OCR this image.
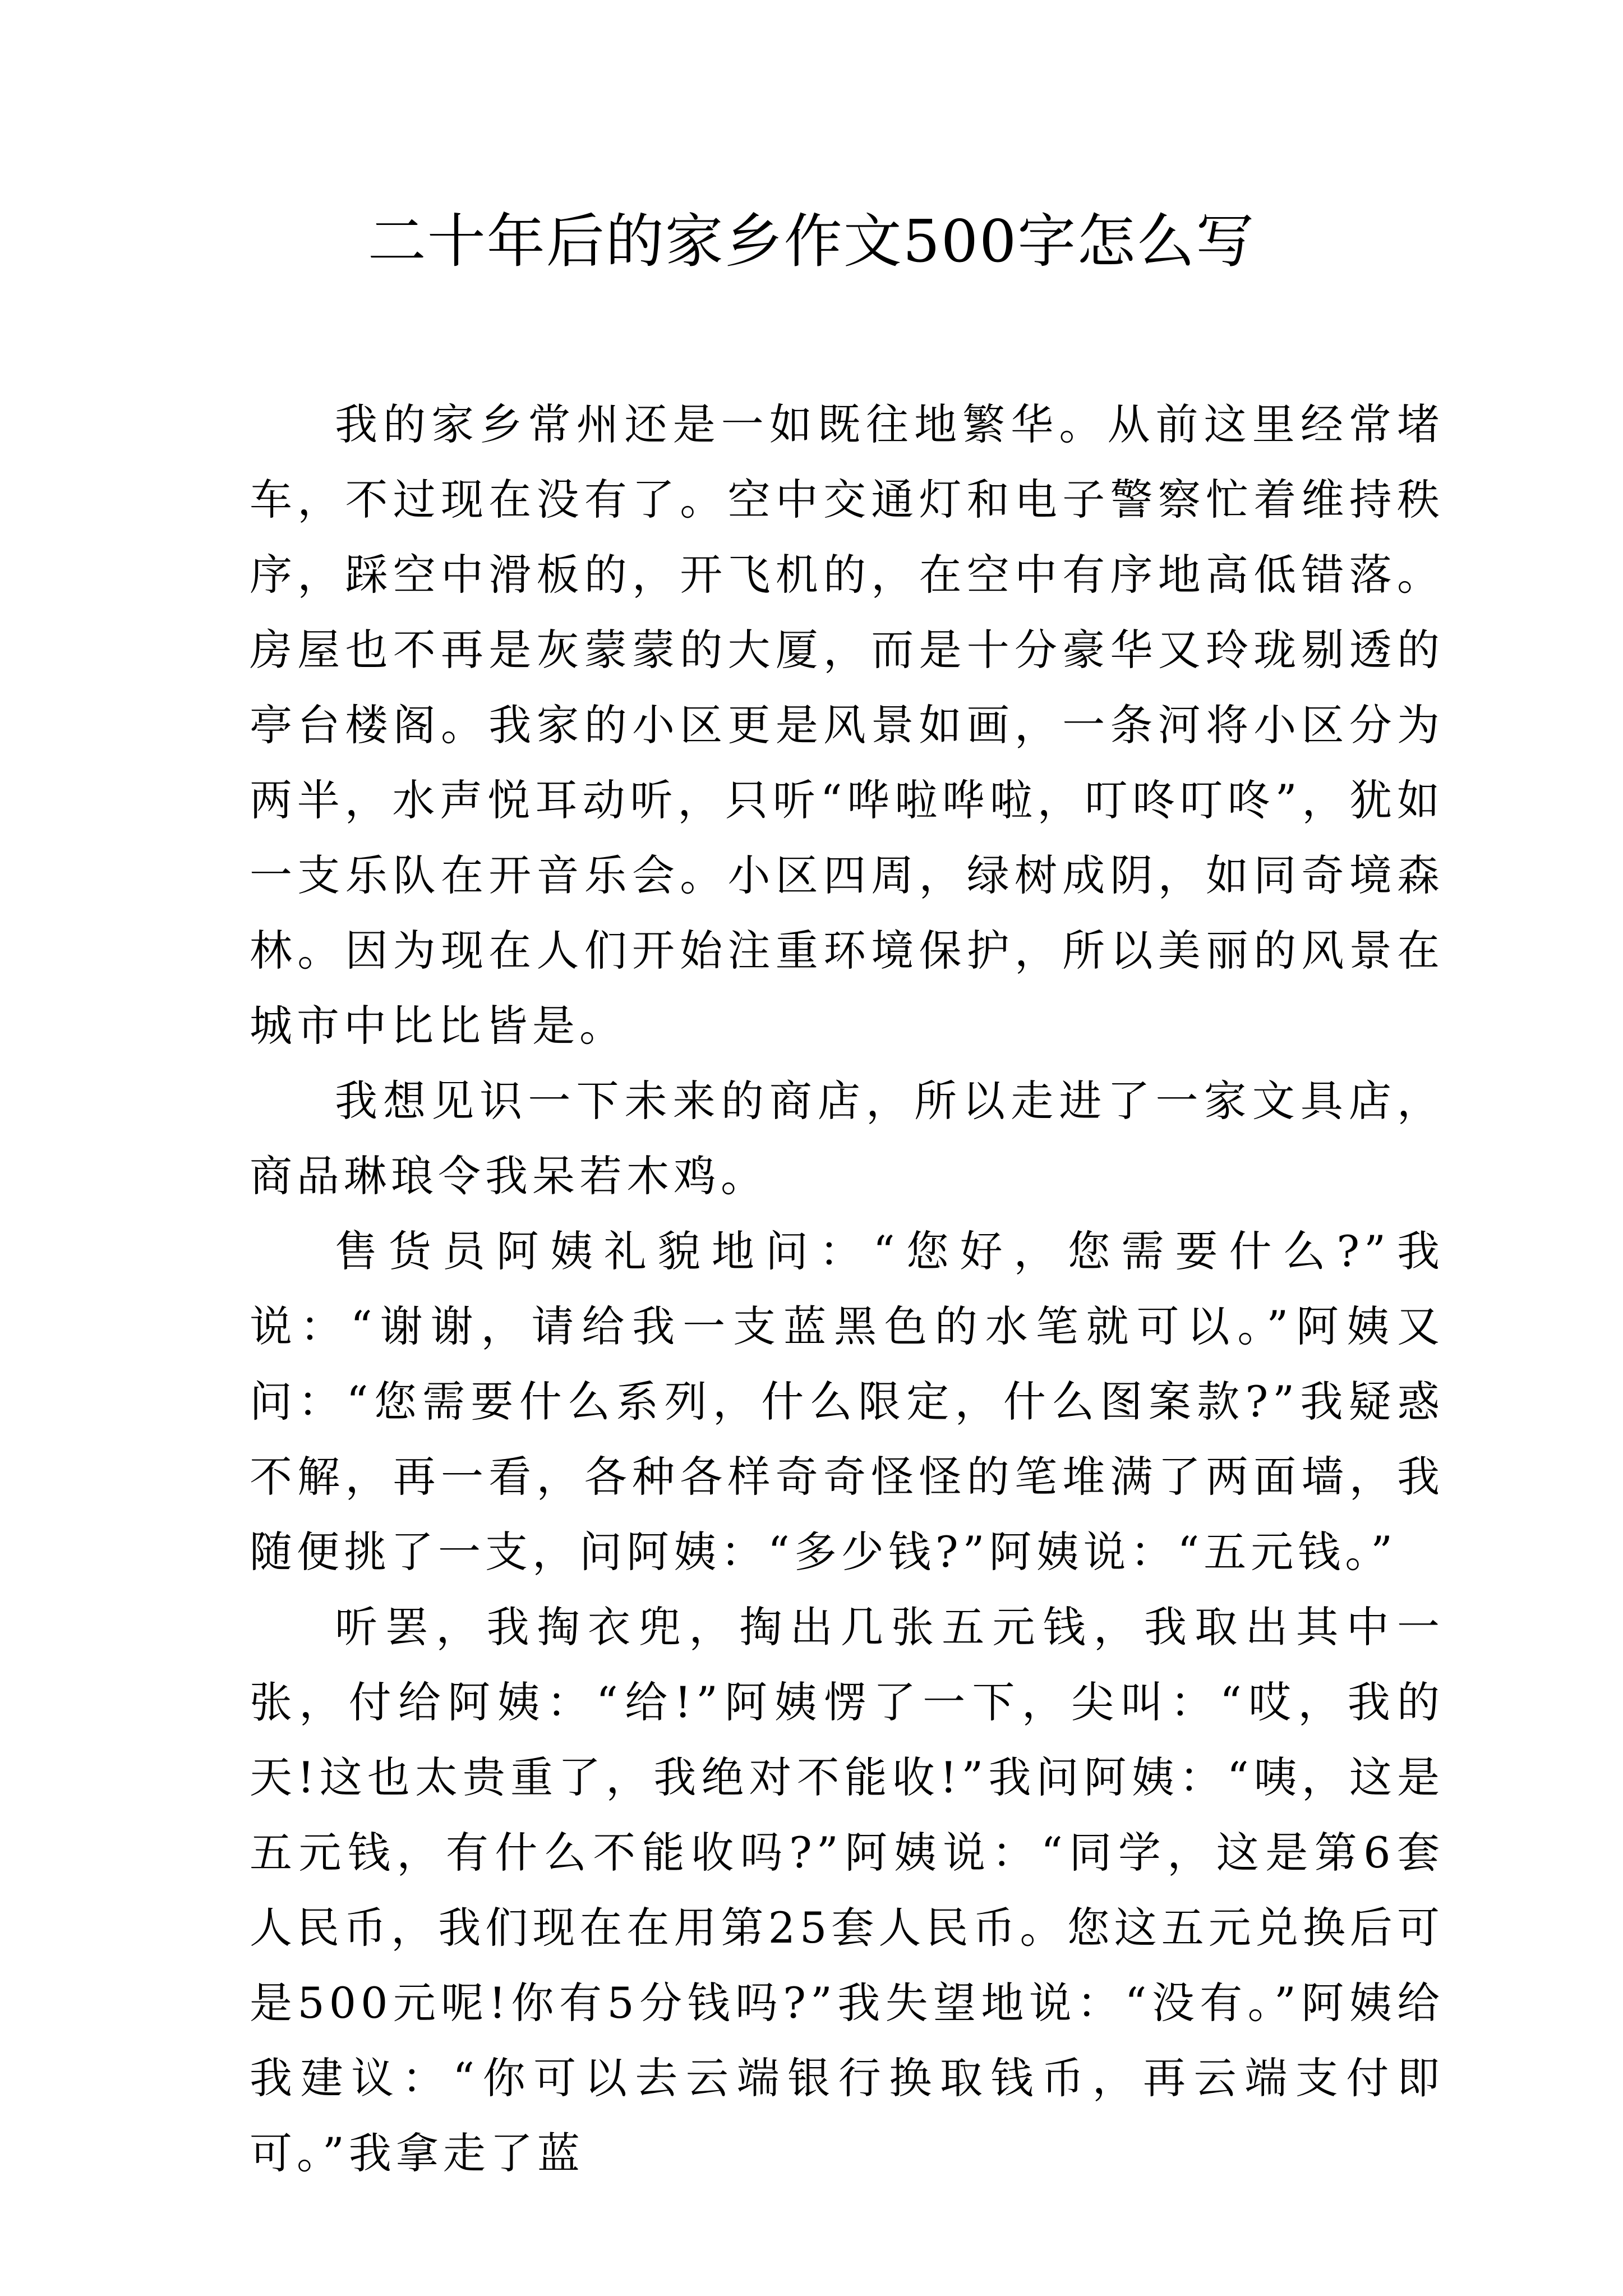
二十年后的家乡作文500字怎么写

我的家乡常州还是一如既往地繁华。从前这里经常堵车，不过现在没有了。空中交通灯和电子警察忙着维持秩序，踩空中滑板的，开飞机的，在空中有序地高低错落。房屋也不再是灰蒙蒙的大厦，而是十分豪华又玲珑剔透的亭台楼阁。我家的小区更是风景如画，一条河将小区分为两半，水声悦耳动听，只听“哗啦哗啦，叮咚叮咚”，犹如一支乐队在开音乐会。小区四周，绿树成阴，如同奇境森林。因为现在人们开始注重环境保护，所以美丽的风景在城市中比比皆是。

我想见识一下未来的商店，所以走进了一家文具店，商品琳琅令我呆若木鸡。

售货员阿姨礼貌地问：“您好，您需要什么?”我说：“谢谢，请给我一支蓝黑色的水笔就可以。”阿姨又问：“您需要什么系列，什么限定，什么图案款?”我疑惑不解，再一看，各种各样奇奇怪怪的笔堆满了两面墙，我随便挑了一支，问阿姨：“多少钱?”阿姨说：“五元钱。”

听罢，我掏衣兜，掏出几张五元钱，我取出其中一张，付给阿姨：“给!”阿姨愣了一下，尖叫：“哎，我的天!这也太贵重了，我绝对不能收!”我问阿姨：“咦，这是五元钱，有什么不能收吗?”阿姨说：“同学，这是第6套人民币，我们现在在用第25套人民币。您这五元兑换后可是500元呢!你有5分钱吗?”我失望地说：“没有。”阿姨给我建议：“你可以去云端银行换取钱币，再云端支付即可。”我拿走了蓝
